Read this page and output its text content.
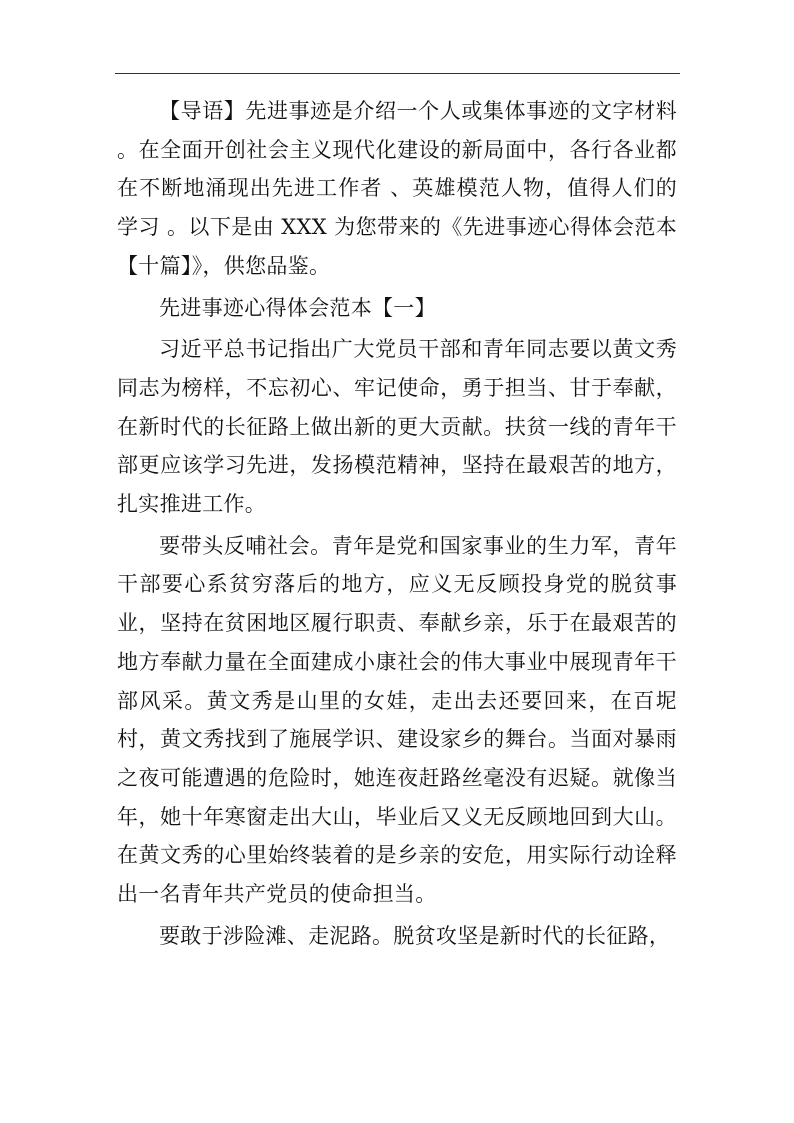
【导语】先进事迹是介绍一个人或集体事迹的文字材料 。在全面开创社会主义现代化建设的新局面中，各行各业都在不断地涌现出先进工作者 、英雄模范人物，值得人们的学习 。以下是由 XXX 为您带来的《先进事迹心得体会范本【十篇】》，供您品鉴。

先进事迹心得体会范本【一】

习近平总书记指出广大党员干部和青年同志要以黄文秀同志为榜样，不忘初心、牢记使命，勇于担当、甘于奉献，在新时代的长征路上做出新的更大贡献。扶贫一线的青年干部更应该学习先进，发扬模范精神，坚持在最艰苦的地方，扎实推进工作。

要带头反哺社会。青年是党和国家事业的生力军，青年干部要心系贫穷落后的地方，应义无反顾投身党的脱贫事业，坚持在贫困地区履行职责、奉献乡亲，乐于在最艰苦的地方奉献力量在全面建成小康社会的伟大事业中展现青年干部风采。黄文秀是山里的女娃，走出去还要回来，在百坭村，黄文秀找到了施展学识、建设家乡的舞台。当面对暴雨之夜可能遭遇的危险时，她连夜赶路丝毫没有迟疑。就像当年，她十年寒窗走出大山，毕业后又义无反顾地回到大山。在黄文秀的心里始终装着的是乡亲的安危，用实际行动诠释出一名青年共产党员的使命担当。

要敢于涉险滩、走泥路。脱贫攻坚是新时代的长征路，
